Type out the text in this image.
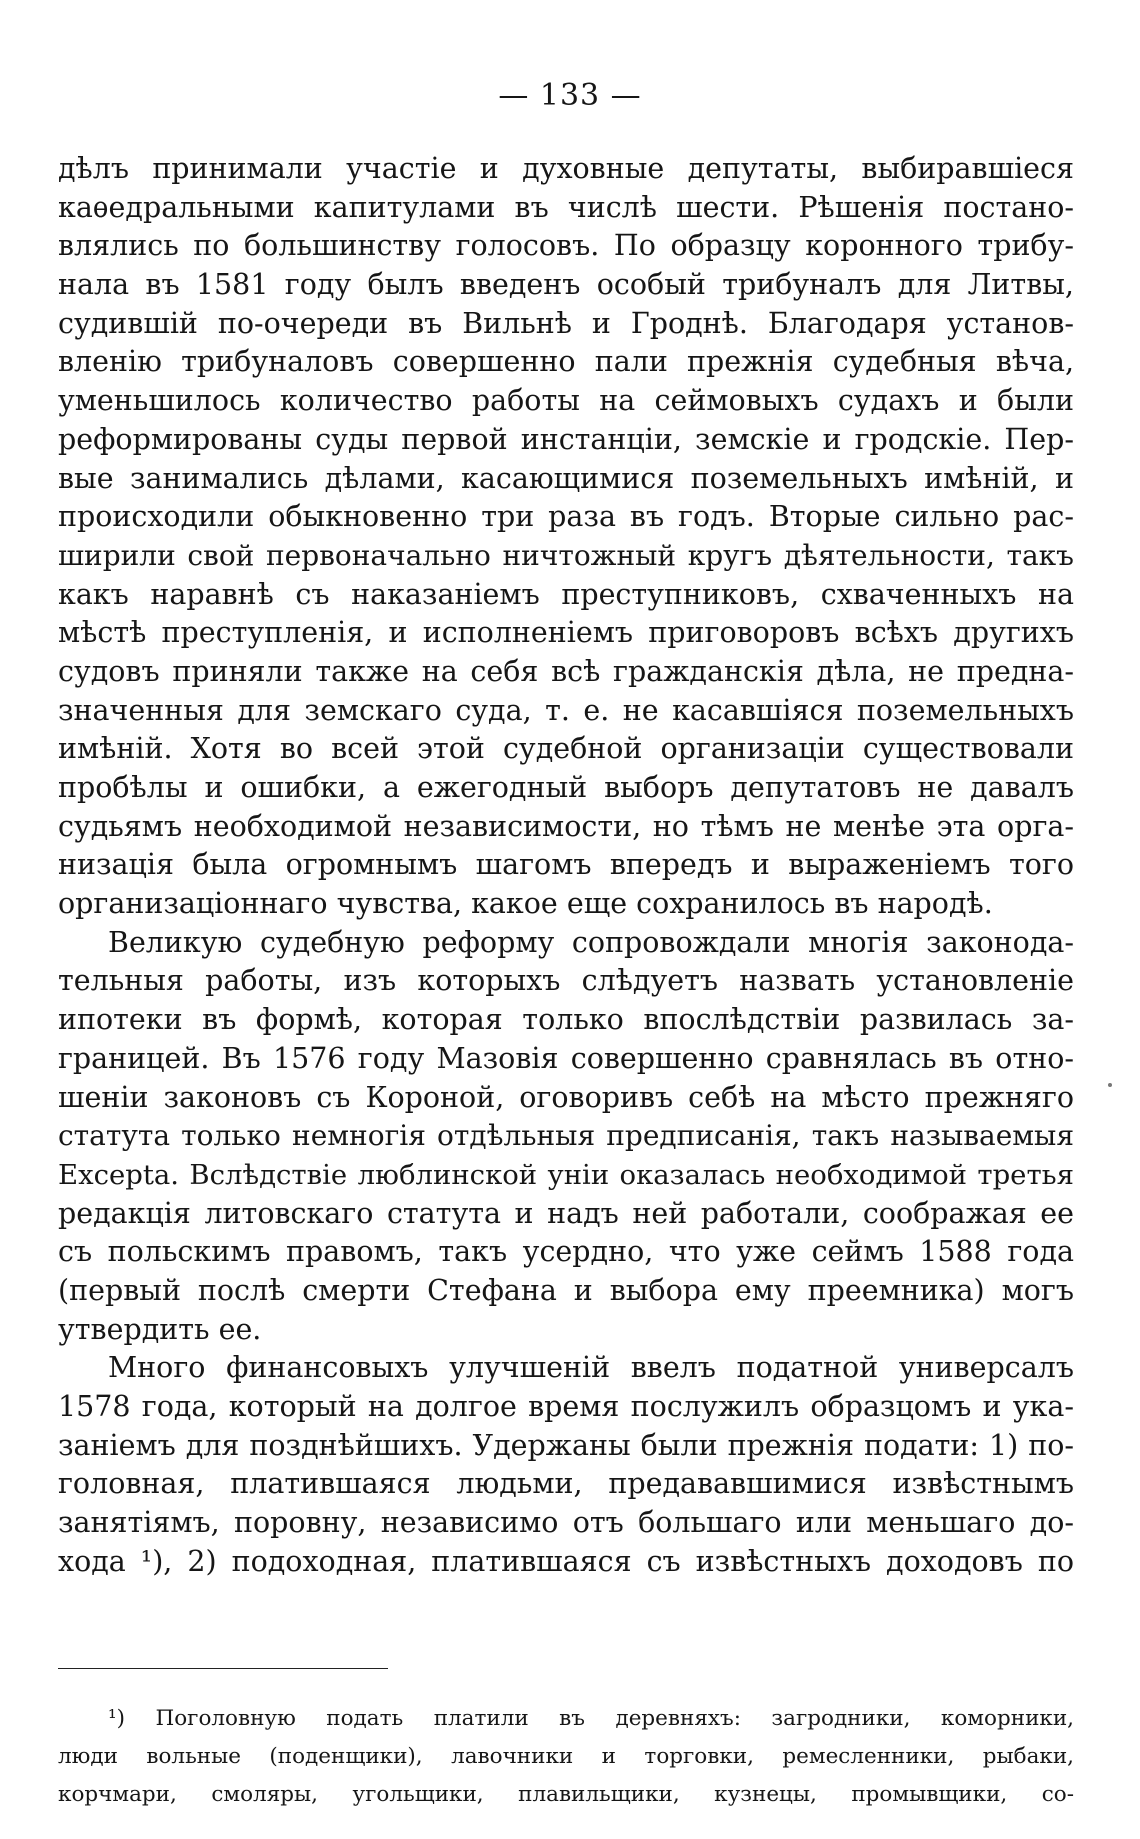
— 133 —
дѣлъ принимали участіе и духовные депутаты, выбиравшіеся
каѳедральными капитулами въ числѣ шести. Рѣшенія постано-
влялись по большинству голосовъ. По образцу коронного трибу-
нала въ 1581 году былъ введенъ особый трибуналъ для Литвы,
судившій по-очереди въ Вильнѣ и Гроднѣ. Благодаря установ-
вленію трибуналовъ совершенно пали прежнія судебныя вѣча,
уменьшилось количество работы на сеймовыхъ судахъ и были
реформированы суды первой инстанціи, земскіе и гродскіе. Пер-
вые занимались дѣлами, касающимися поземельныхъ имѣній, и
происходили обыкновенно три раза въ годъ. Вторые сильно рас-
ширили свой первоначально ничтожный кругъ дѣятельности, такъ
какъ наравнѣ съ наказаніемъ преступниковъ, схваченныхъ на
мѣстѣ преступленія, и исполненіемъ приговоровъ всѣхъ другихъ
судовъ приняли также на себя всѣ гражданскія дѣла, не предна-
значенныя для земскаго суда, т. е. не касавшіяся поземельныхъ
имѣній. Хотя во всей этой судебной организаціи существовали
пробѣлы и ошибки, а ежегодный выборъ депутатовъ не давалъ
судьямъ необходимой независимости, но тѣмъ не менѣе эта орга-
низація была огромнымъ шагомъ впередъ и выраженіемъ того
организаціоннаго чувства, какое еще сохранилось въ народѣ.
Великую судебную реформу сопровождали многія законода-
тельныя работы, изъ которыхъ слѣдуетъ назвать установленіе
ипотеки въ формѣ, которая только впослѣдствіи развилась за-
границей. Въ 1576 году Мазовія совершенно сравнялась въ отно-
шеніи законовъ съ Короной, оговоривъ себѣ на мѣсто прежняго
статута только немногія отдѣльныя предписанія, такъ называемыя
Excepta. Вслѣдствіе люблинской уніи оказалась необходимой третья
редакція литовскаго статута и надъ ней работали, соображая ее
съ польскимъ правомъ, такъ усердно, что уже сеймъ 1588 года
(первый послѣ смерти Стефана и выбора ему преемника) могъ
утвердить ее.
Много финансовыхъ улучшеній ввелъ податной универсалъ
1578 года, который на долгое время послужилъ образцомъ и ука-
заніемъ для позднѣйшихъ. Удержаны были прежнія подати: 1) по-
головная, платившаяся людьми, предававшимися извѣстнымъ
занятіямъ, поровну, независимо отъ большаго или меньшаго до-
хода ¹), 2) подоходная, платившаяся съ извѣстныхъ доходовъ по
¹) Поголовную подать платили въ деревняхъ: загродники, коморники,
люди вольные (поденщики), лавочники и торговки, ремесленники, рыбаки,
корчмари, смоляры, угольщики, плавильщики, кузнецы, промывщики, со-
